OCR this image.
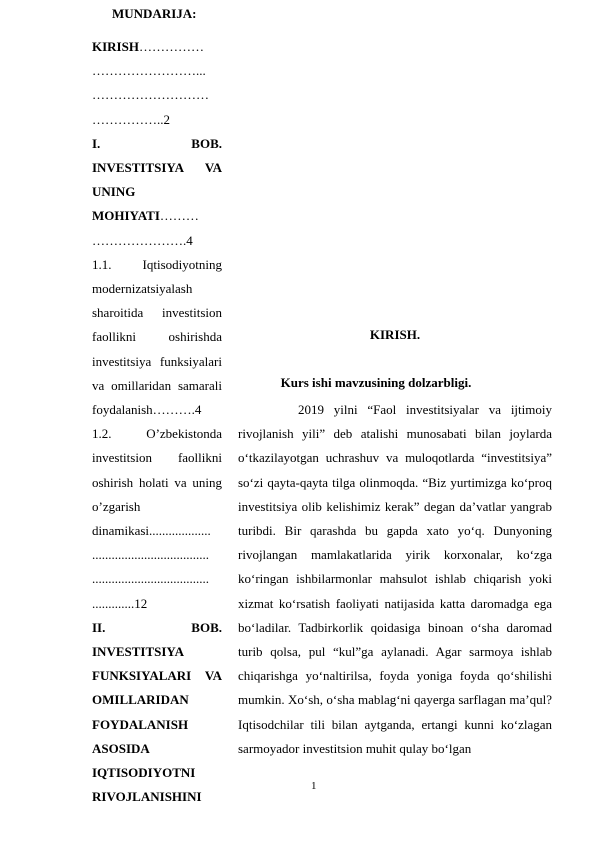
MUNDARIJA:
KIRISH…………… ……………………... ……………………… ……………..2
I. BOB. INVESTITSIYA VA UNING MOHIYATI……… ………………….4
1.1. Iqtisodiyotning modernizatsiyalash sharoitida investitsion faollikni oshirishda investitsiya funksiyalari va omillaridan samarali foydalanish……….4
1.2. O’zbekistonda investitsion faollikni oshirish holati va uning o’zgarish dinamikasi................... .................................... .................................... .............12
II. BOB. INVESTITSIYA FUNKSIYALARI VA OMILLARIDAN FOYDALANISH ASOSIDA IQTISODIYOTNI RIVOJLANISHINI
KIRISH.
Kurs ishi mavzusining dolzarbligi.

2019 yilni “Faol investitsiyalar va ijtimoiy rivojlanish yili” deb atalishi munosabati bilan joylarda oʻtkazilayotgan uchrashuv va muloqotlarda “investitsiya” soʻzi qayta-qayta tilga olinmoqda. “Biz yurtimizga koʻproq investitsiya olib kelishimiz kerak” degan da’vatlar yangrab turibdi. Bir qarashda bu gapda xato yoʻq. Dunyoning rivojlangan mamlakatlarida yirik korxonalar, koʻzga koʻringan ishbilarmonlar mahsulot ishlab chiqarish yoki xizmat koʻrsatish faoliyati natijasida katta daromadga ega boʻladilar. Tadbirkorlik qoidasiga binoan oʻsha daromad turib qolsa, pul “kul”ga aylanadi. Agar sarmoya ishlab chiqarishga yoʻnaltirilsa, foyda yoniga foyda qoʻshilishi mumkin. Xoʻsh, oʻsha mablagʻni qayerga sarflagan ma’qul? Iqtisodchilar tili bilan aytganda, ertangi kunni koʻzlagan sarmoyador investitsion muhit qulay boʻlgan

1
